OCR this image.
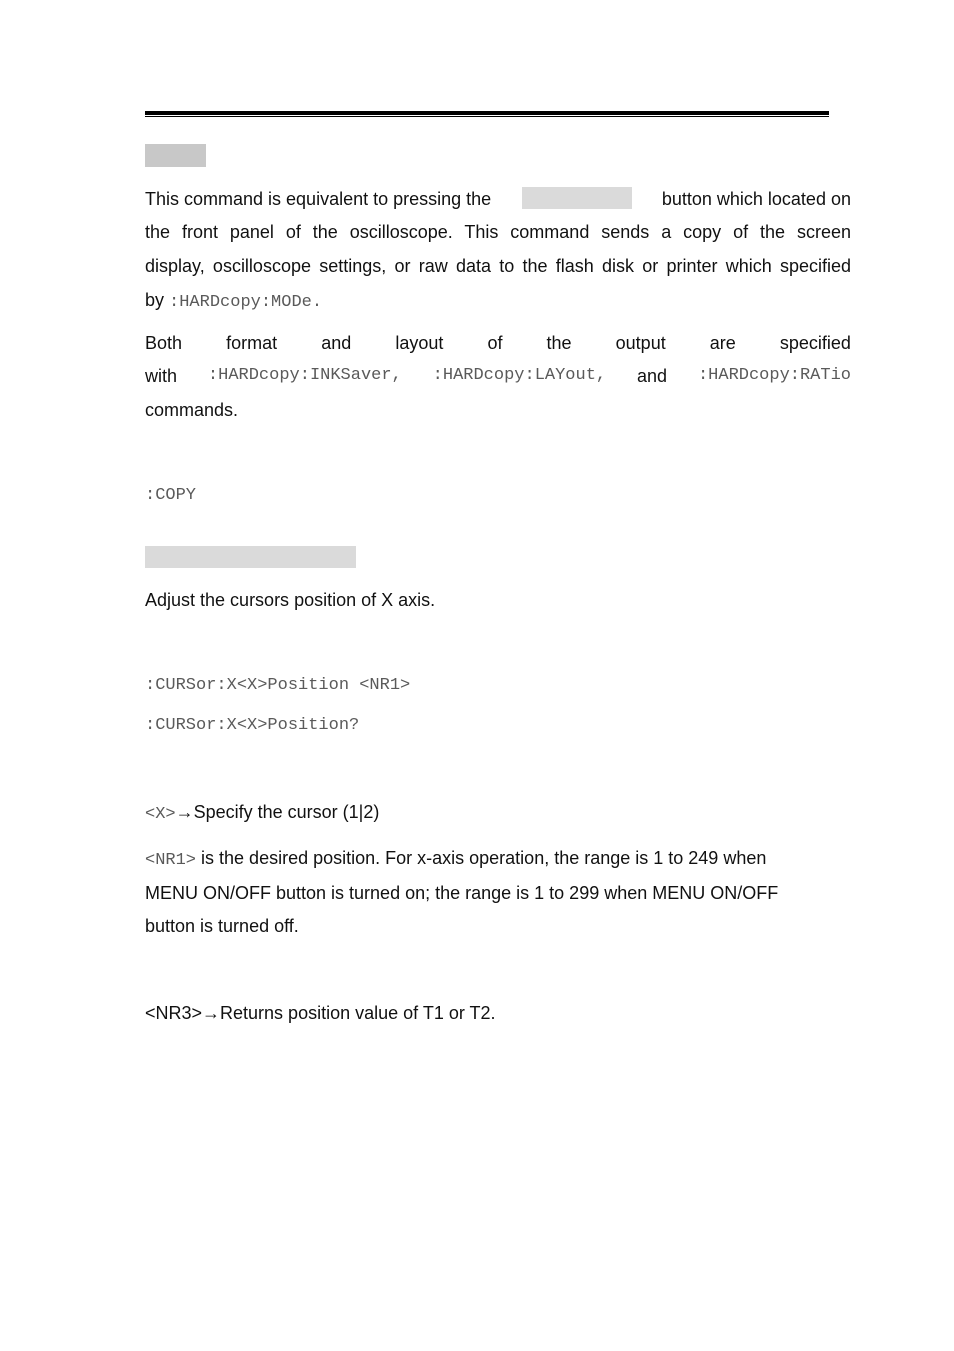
This command is equivalent to pressing the	button which located on
the front panel of the oscilloscope. This command sends a copy of the screen
display, oscilloscope settings, or raw data to the flash disk or printer which specified
by :HARDcopy:MODe.
Both format and layout of the output are specified
with :HARDcopy:INKSaver, :HARDcopy:LAYout, and :HARDcopy:RATio
commands.
:COPY
Adjust the cursors position of X axis.
:CURSor:X<X>Position <NR1>
:CURSor:X<X>Position?
<X>→Specify the cursor (1|2)
<NR1> is the desired position. For x-axis operation, the range is 1 to 249 when
MENU ON/OFF button is turned on; the range is 1 to 299 when MENU ON/OFF
button is turned off.
<NR3>→Returns position value of T1 or T2.
